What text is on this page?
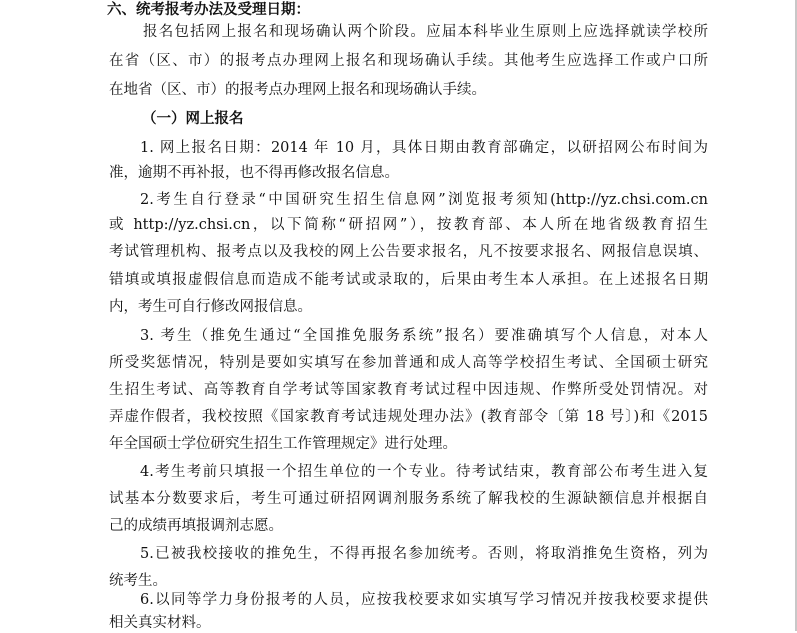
六、统考报考办法及受理日期：
报名包括网上报名和现场确认两个阶段。应届本科毕业生原则上应选择就读学校所
在省（区、市）的报考点办理网上报名和现场确认手续。其他考生应选择工作或户口所
在地省（区、市）的报考点办理网上报名和现场确认手续。
（一）网上报名
1. 网上报名日期：2014 年 10 月，具体日期由教育部确定，以研招网公布时间为
准，逾期不再补报，也不得再修改报名信息。
2.考生自行登录“中国研究生招生信息网”浏览报考须知(http://yz.chsi.com.cn
或 http://yz.chsi.cn，以下简称“研招网”），按教育部、本人所在地省级教育招生
考试管理机构、报考点以及我校的网上公告要求报名，凡不按要求报名、网报信息误填、
错填或填报虚假信息而造成不能考试或录取的，后果由考生本人承担。在上述报名日期
内，考生可自行修改网报信息。
3. 考生（推免生通过“全国推免服务系统”报名）要准确填写个人信息，对本人
所受奖惩情况，特别是要如实填写在参加普通和成人高等学校招生考试、全国硕士研究
生招生考试、高等教育自学考试等国家教育考试过程中因违规、作弊所受处罚情况。对
弄虚作假者，我校按照《国家教育考试违规处理办法》(教育部令〔第 18 号〕)和《2015
年全国硕士学位研究生招生工作管理规定》进行处理。
4.考生考前只填报一个招生单位的一个专业。待考试结束，教育部公布考生进入复
试基本分数要求后，考生可通过研招网调剂服务系统了解我校的生源缺额信息并根据自
己的成绩再填报调剂志愿。
5.已被我校接收的推免生，不得再报名参加统考。否则，将取消推免生资格，列为
统考生。
6.以同等学力身份报考的人员，应按我校要求如实填写学习情况并按我校要求提供
相关真实材料。
